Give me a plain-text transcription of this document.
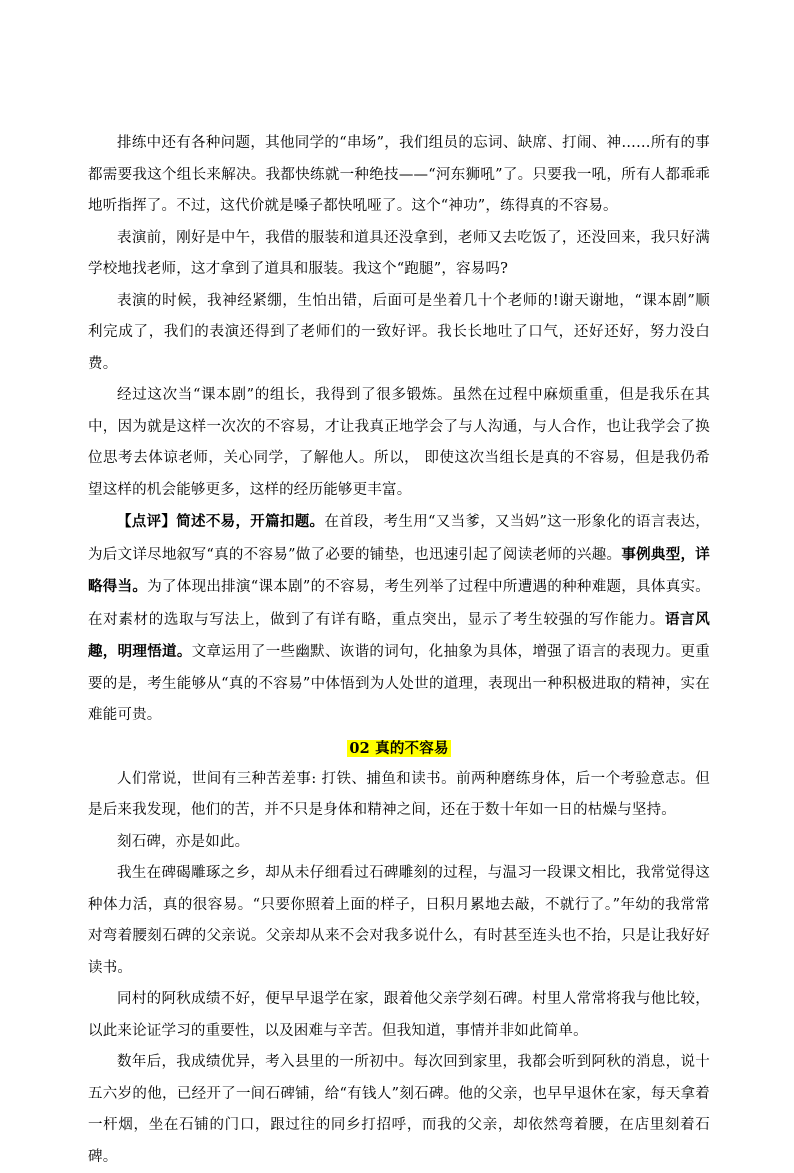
排练中还有各种问题，其他同学的“串场”，我们组员的忘词、缺席、打闹、神……所有的事都需要我这个组长来解决。我都快练就一种绝技——“河东狮吼”了。只要我一吼，所有人都乖乖地听指挥了。不过，这代价就是嗓子都快吼哑了。这个“神功”，练得真的不容易。

表演前，刚好是中午，我借的服装和道具还没拿到，老师又去吃饭了，还没回来，我只好满学校地找老师，这才拿到了道具和服装。我这个“跑腿”，容易吗?

表演的时候，我神经紧绷，生怕出错，后面可是坐着几十个老师的!谢天谢地，“课本剧”顺利完成了，我们的表演还得到了老师们的一致好评。我长长地吐了口气，还好还好，努力没白费。

经过这次当“课本剧”的组长，我得到了很多锻炼。虽然在过程中麻烦重重，但是我乐在其中，因为就是这样一次次的不容易，才让我真正地学会了与人沟通，与人合作，也让我学会了换位思考去体谅老师，关心同学，了解他人。所以， 即使这次当组长是真的不容易，但是我仍希望这样的机会能够更多，这样的经历能够更丰富。

【点评】简述不易，开篇扣题。在首段，考生用“又当爹，又当妈”这一形象化的语言表达，为后文详尽地叙写“真的不容易”做了必要的铺垫，也迅速引起了阅读老师的兴趣。事例典型，详略得当。为了体现出排演“课本剧”的不容易，考生列举了过程中所遭遇的种种难题，具体真实。在对素材的选取与写法上，做到了有详有略，重点突出，显示了考生较强的写作能力。语言风趣，明理悟道。文章运用了一些幽默、诙谐的词句，化抽象为具体，增强了语言的表现力。更重要的是，考生能够从“真的不容易”中体悟到为人处世的道理，表现出一种积极进取的精神，实在难能可贵。

02 真的不容易

人们常说，世间有三种苦差事: 打铁、捕鱼和读书。前两种磨练身体，后一个考验意志。但是后来我发现，他们的苦，并不只是身体和精神之间，还在于数十年如一日的枯燥与坚持。

刻石碑，亦是如此。

我生在碑碣雕琢之乡，却从未仔细看过石碑雕刻的过程，与温习一段课文相比，我常觉得这种体力活，真的很容易。“只要你照着上面的样子，日积月累地去敲，不就行了。”年幼的我常常对弯着腰刻石碑的父亲说。父亲却从来不会对我多说什么，有时甚至连头也不抬，只是让我好好读书。

同村的阿秋成绩不好，便早早退学在家，跟着他父亲学刻石碑。村里人常常将我与他比较，以此来论证学习的重要性，以及困难与辛苦。但我知道，事情并非如此简单。

数年后，我成绩优异，考入县里的一所初中。每次回到家里，我都会听到阿秋的消息，说十五六岁的他，已经开了一间石碑铺，给“有钱人”刻石碑。他的父亲，也早早退休在家，每天拿着一杆烟，坐在石铺的门口，跟过往的同乡打招呼，而我的父亲，却依然弯着腰，在店里刻着石碑。
